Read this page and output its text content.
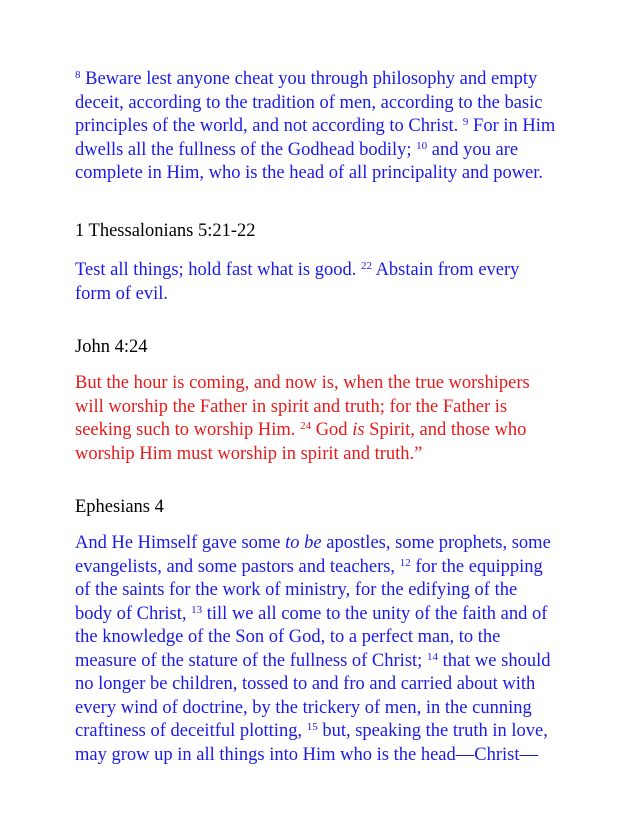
$^8$ Beware lest anyone cheat you through philosophy and empty
deceit, according to the tradition of men, according to the basic
principles of the world, and not according to Christ. $^9$ For in Him
dwells all the fullness of the Godhead bodily; $^{10}$ and you are
complete in Him, who is the head of all principality and power.
1 Thessalonians 5:21-22
Test all things; hold fast what is good. $^{22}$ Abstain from every
form of evil.
John 4:24
But the hour is coming, and now is, when the true worshipers
will worship the Father in spirit and truth; for the Father is
seeking such to worship Him. $^{24}$ God is Spirit, and those who
worship Him must worship in spirit and truth.”
Ephesians 4
And He Himself gave some to be apostles, some prophets, some
evangelists, and some pastors and teachers, $^{12}$ for the equipping
of the saints for the work of ministry, for the edifying of the
body of Christ, $^{13}$ till we all come to the unity of the faith and of
the knowledge of the Son of God, to a perfect man, to the
measure of the stature of the fullness of Christ; $^{14}$ that we should
no longer be children, tossed to and fro and carried about with
every wind of doctrine, by the trickery of men, in the cunning
craftiness of deceitful plotting, $^{15}$ but, speaking the truth in love,
may grow up in all things into Him who is the head—Christ—
